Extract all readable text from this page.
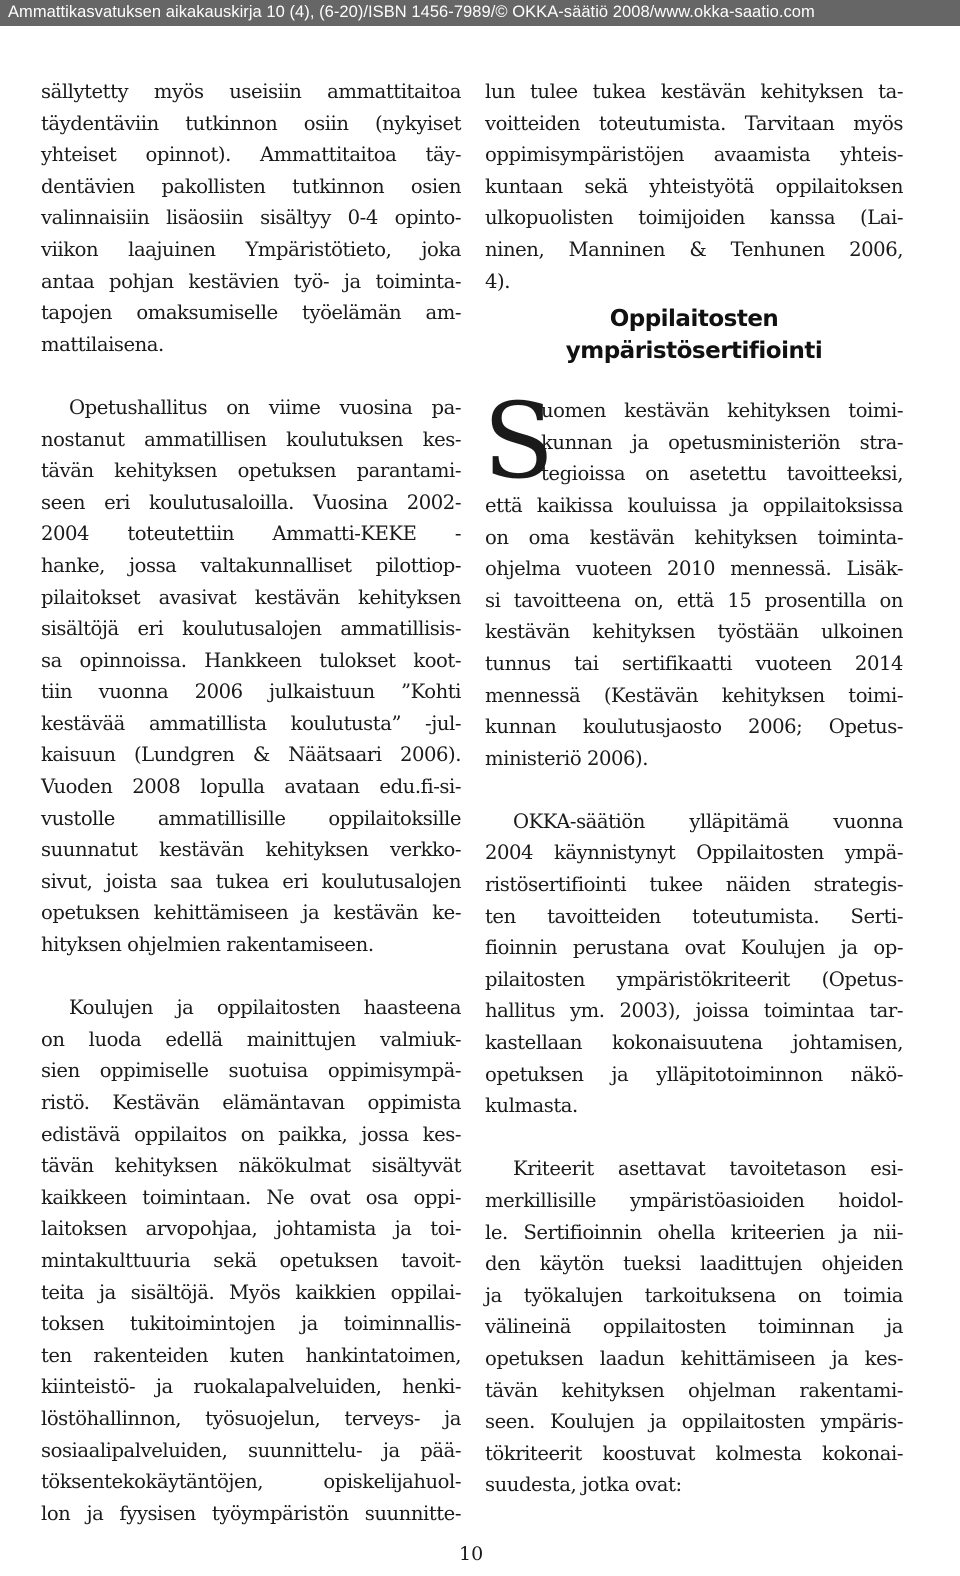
Ammattikasvatuksen aikakauskirja 10 (4), (6-20)/ISBN 1456-7989/© OKKA-säätiö 2008/www.okka-saatio.com
sällytetty myös useisiin ammattitaitoa
täydentäviin tutkinnon osiin (nykyiset
yhteiset opinnot). Ammattitaitoa täy-
dentävien pakollisten tutkinnon osien
valinnaisiin lisäosiin sisältyy 0-4 opinto-
viikon laajuinen Ympäristötieto, joka
antaa pohjan kestävien työ- ja toiminta-
tapojen omaksumiselle työelämän am-
mattilaisena.
Opetushallitus on viime vuosina pa-
nostanut ammatillisen koulutuksen kes-
tävän kehityksen opetuksen parantami-
seen eri koulutusaloilla. Vuosina 2002-
2004 toteutettiin Ammatti-KEKE -
hanke, jossa valtakunnalliset pilottiop-
pilaitokset avasivat kestävän kehityksen
sisältöjä eri koulutusalojen ammatillisis-
sa opinnoissa. Hankkeen tulokset koot-
tiin vuonna 2006 julkaistuun ”Kohti
kestävää ammatillista koulutusta” -jul-
kaisuun (Lundgren & Näätsaari 2006).
Vuoden 2008 lopulla avataan edu.fi-si-
vustolle ammatillisille oppilaitoksille
suunnatut kestävän kehityksen verkko-
sivut, joista saa tukea eri koulutusalojen
opetuksen kehittämiseen ja kestävän ke-
hityksen ohjelmien rakentamiseen.
Koulujen ja oppilaitosten haasteena
on luoda edellä mainittujen valmiuk-
sien oppimiselle suotuisa oppimisympä-
ristö. Kestävän elämäntavan oppimista
edistävä oppilaitos on paikka, jossa kes-
tävän kehityksen näkökulmat sisältyvät
kaikkeen toimintaan. Ne ovat osa oppi-
laitoksen arvopohjaa, johtamista ja toi-
mintakulttuuria sekä opetuksen tavoit-
teita ja sisältöjä. Myös kaikkien oppilai-
toksen tukitoimintojen ja toiminnallis-
ten rakenteiden kuten hankintatoimen,
kiinteistö- ja ruokalapalveluiden, henki-
löstöhallinnon, työsuojelun, terveys- ja
sosiaalipalveluiden, suunnittelu- ja pää-
töksentekokäytäntöjen, opiskelijahuol-
lon ja fyysisen työympäristön suunnitte-
lun tulee tukea kestävän kehityksen ta-
voitteiden toteutumista. Tarvitaan myös
oppimisympäristöjen avaamista yhteis-
kuntaan sekä yhteistyötä oppilaitoksen
ulkopuolisten toimijoiden kanssa (Lai-
ninen, Manninen & Tenhunen 2006,
4).
Oppilaitosten
ympäristösertifiointi
S
uomen kestävän kehityksen toimi-
kunnan ja opetusministeriön stra-
tegioissa on asetettu tavoitteeksi,
että kaikissa kouluissa ja oppilaitoksissa
on oma kestävän kehityksen toiminta-
ohjelma vuoteen 2010 mennessä. Lisäk-
si tavoitteena on, että 15 prosentilla on
kestävän kehityksen työstään ulkoinen
tunnus tai sertifikaatti vuoteen 2014
mennessä (Kestävän kehityksen toimi-
kunnan koulutusjaosto 2006; Opetus-
ministeriö 2006).
OKKA-säätiön ylläpitämä vuonna
2004 käynnistynyt Oppilaitosten ympä-
ristösertifiointi tukee näiden strategis-
ten tavoitteiden toteutumista. Serti-
fioinnin perustana ovat Koulujen ja op-
pilaitosten ympäristökriteerit (Opetus-
hallitus ym. 2003), joissa toimintaa tar-
kastellaan kokonaisuutena johtamisen,
opetuksen ja ylläpitotoiminnon näkö-
kulmasta.
Kriteerit asettavat tavoitetason esi-
merkillisille ympäristöasioiden hoidol-
le. Sertifioinnin ohella kriteerien ja nii-
den käytön tueksi laadittujen ohjeiden
ja työkalujen tarkoituksena on toimia
välineinä oppilaitosten toiminnan ja
opetuksen laadun kehittämiseen ja kes-
tävän kehityksen ohjelman rakentami-
seen. Koulujen ja oppilaitosten ympäris-
tökriteerit koostuvat kolmesta kokonai-
suudesta, jotka ovat:
10
